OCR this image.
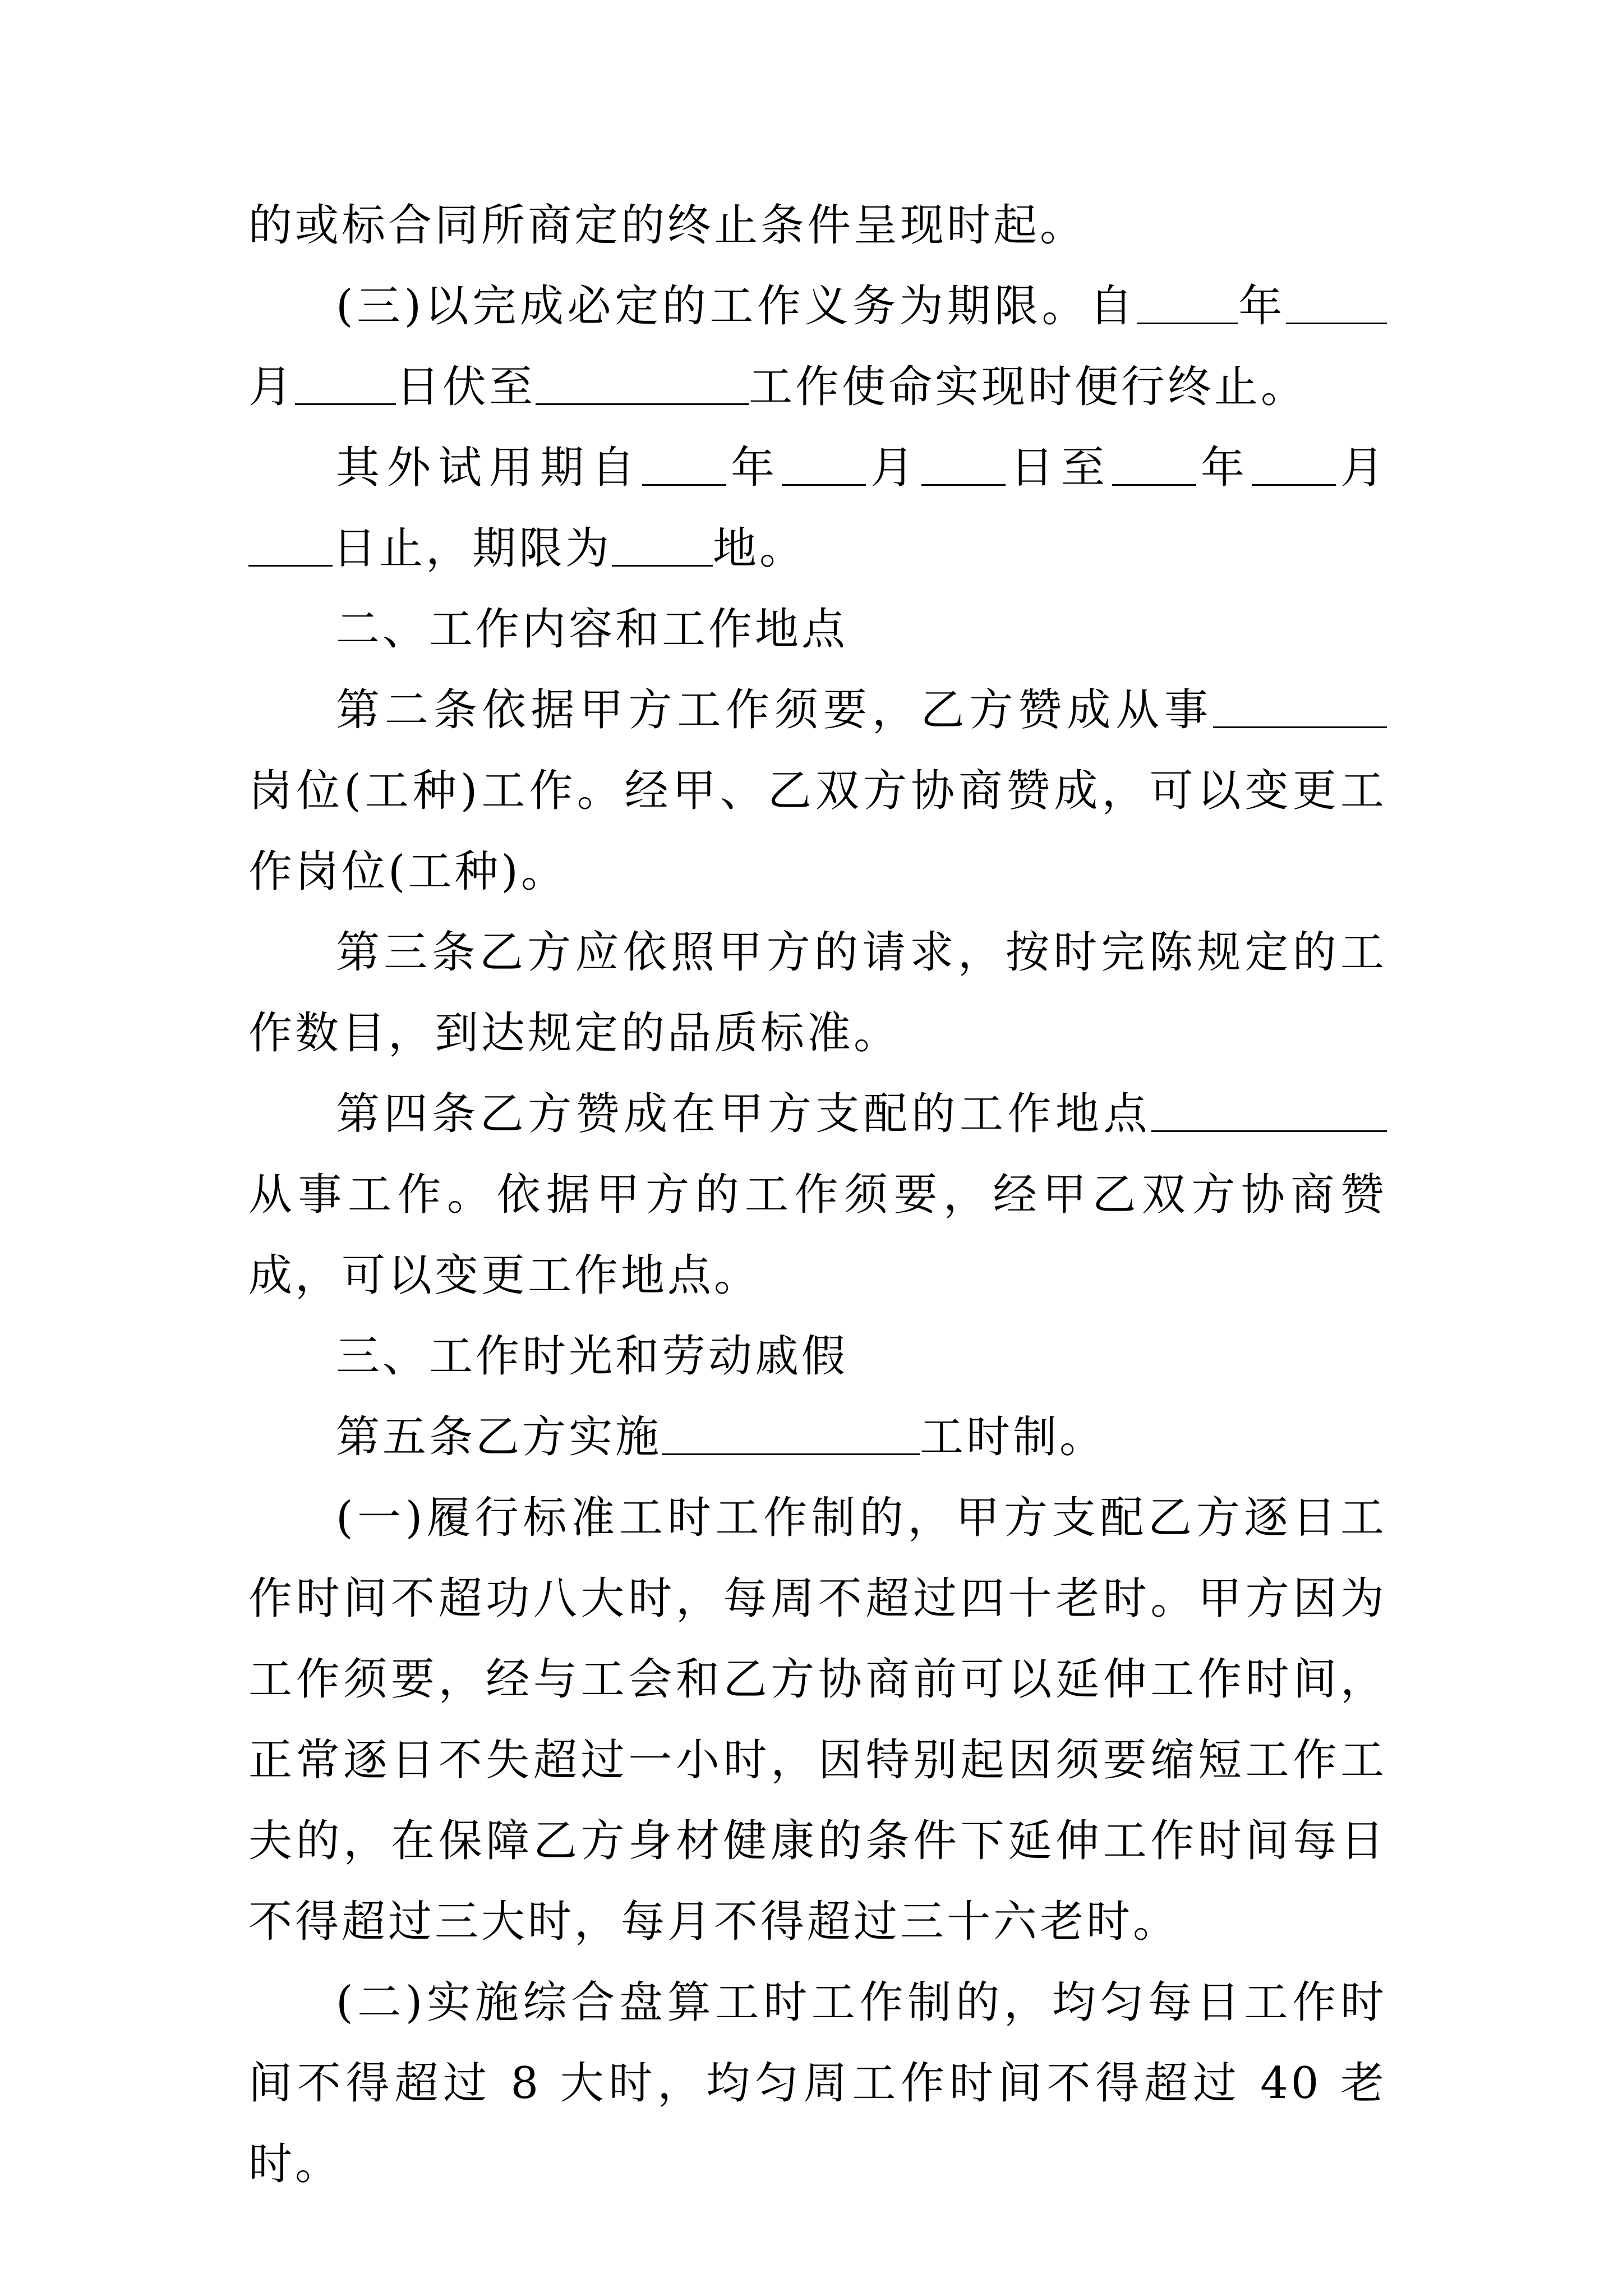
的或标合同所商定的终止条件呈现时起。

(三)以完成必定的工作义务为期限。自 年月 日伏至	工作使命实现时便行终止。

其外试用期自 年 月 日至 年 月日止，期限为 地。

二、工作内容和工作地点

第二条依据甲方工作须要，乙方赞成从事岗位(工种)工作。经甲、乙双方协商赞成，可以变更工作岗位(工种)。

第三条乙方应依照甲方的请求，按时完陈规定的工作数目，到达规定的品质标准。

第四条乙方赞成在甲方支配的工作地点从事工作。依据甲方的工作须要，经甲乙双方协商赞成，可以变更工作地点。

三、工作时光和劳动戚假

第五条乙方实施	工时制。

(一)履行标准工时工作制的，甲方支配乙方逐日工作时间不超功八大时，每周不超过四十老时。甲方因为工作须要，经与工会和乙方协商前可以延伸工作时间，正常逐日不失超过一小时，因特别起因须要缩短工作工夫的，在保障乙方身材健康的条件下延伸工作时间每日不得超过三大时，每月不得超过三十六老时。

(二)实施综合盘算工时工作制的，均匀每日工作时间不得超过 8 大时，均匀周工作时间不得超过 40 老时。
